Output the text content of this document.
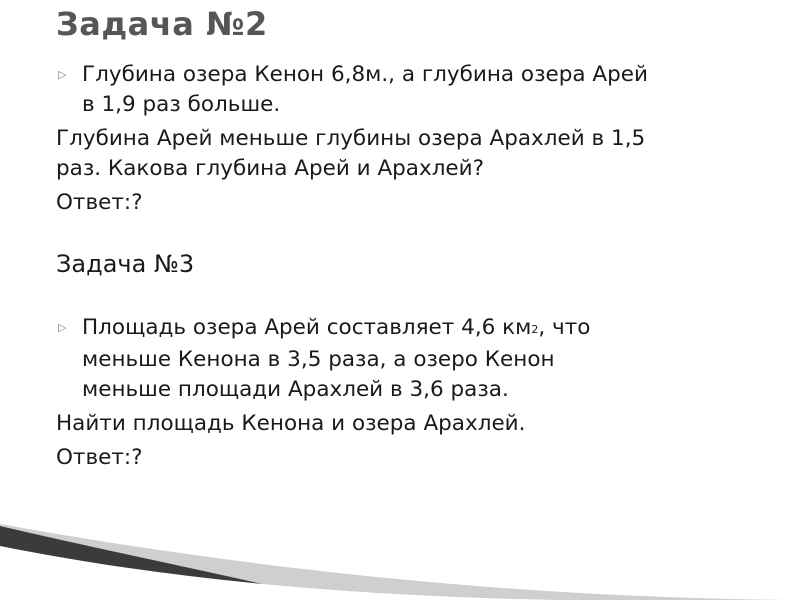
Задача №2
▷ Глубина озера Кенон 6,8м., а глубина озера Арей
в 1,9 раз больше.
Глубина Арей меньше глубины озера Арахлей в 1,5
раз. Какова глубина Арей и Арахлей?
Ответ:?
Задача №3
▷ Площадь озера Арей составляет 4,6 км2, что
меньше Кенона в 3,5 раза, а озеро Кенон
меньше площади Арахлей в 3,6 раза.
Найти площадь Кенона и озера Арахлей.
Ответ:?
